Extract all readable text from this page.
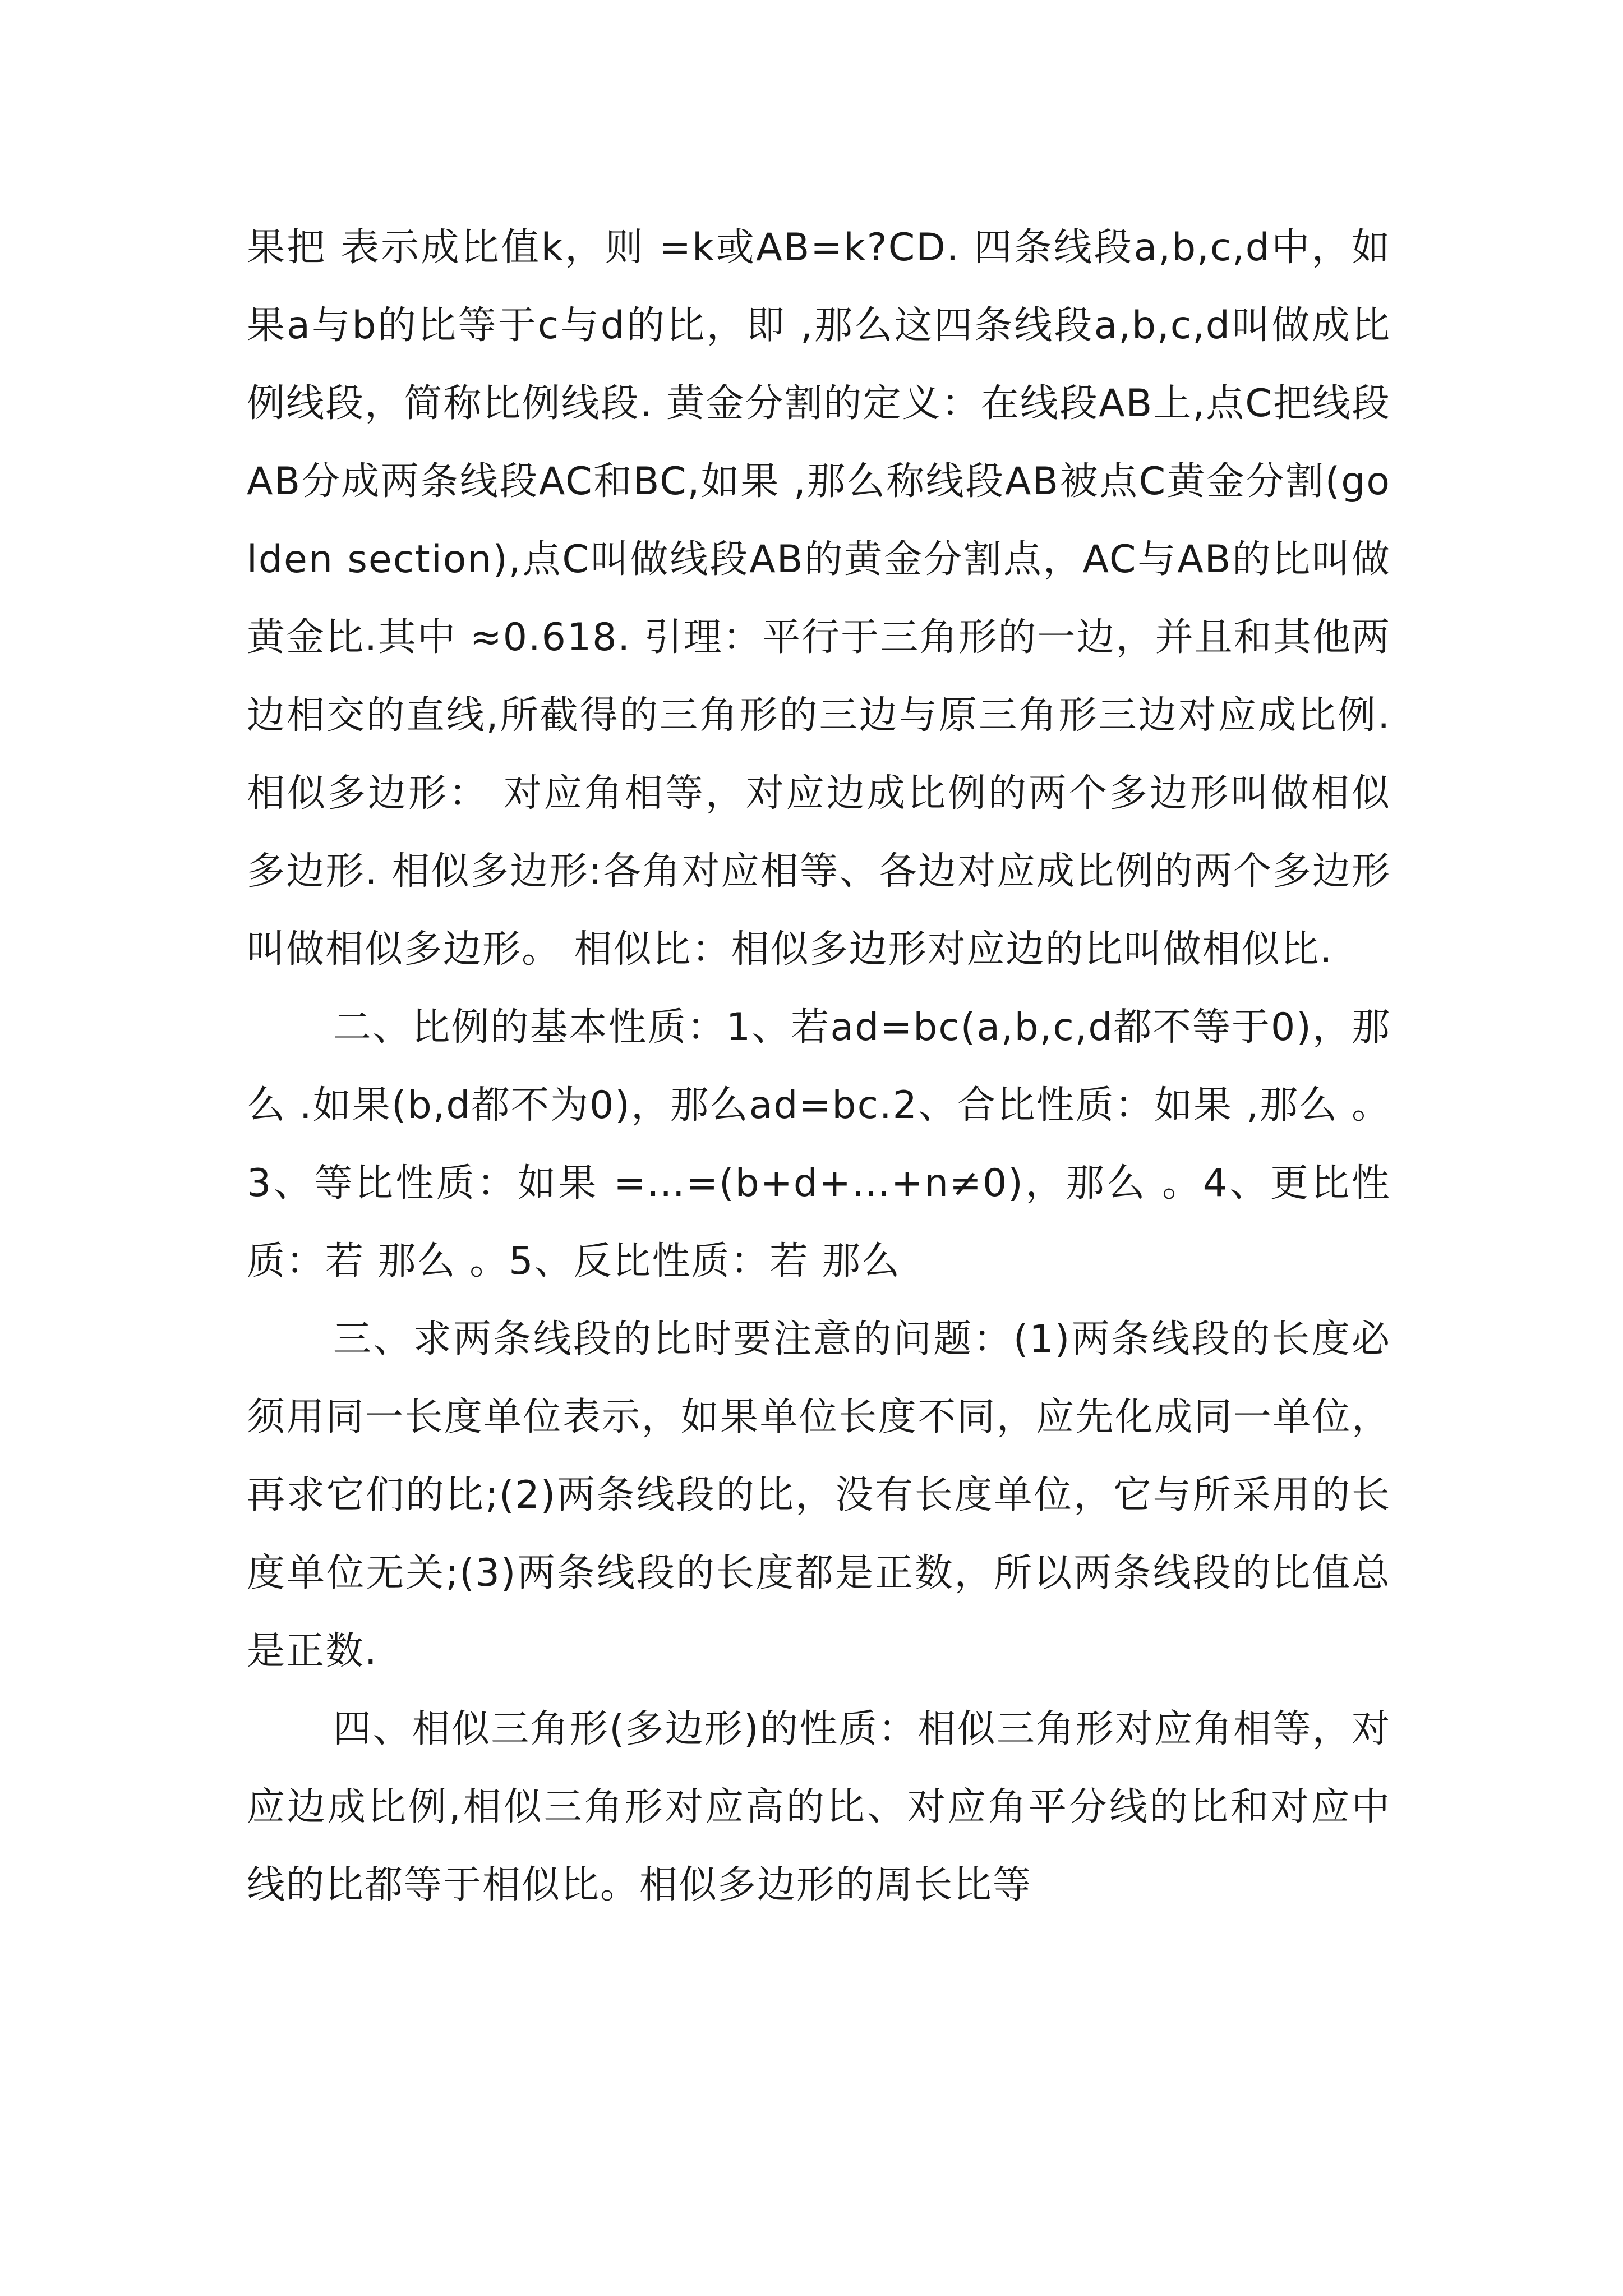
果把 表示成比值k，则 =k或AB=k?CD. 四条线段a,b,c,d中，如果a与b的比等于c与d的比，即 ,那么这四条线段a,b,c,d叫做成比例线段，简称比例线段. 黄金分割的定义：在线段AB上,点C把线段AB分成两条线段AC和BC,如果 ,那么称线段AB被点C黄金分割(golden section),点C叫做线段AB的黄金分割点，AC与AB的比叫做黄金比.其中 ≈0.618. 引理：平行于三角形的一边，并且和其他两边相交的直线,所截得的三角形的三边与原三角形三边对应成比例. 相似多边形： 对应角相等，对应边成比例的两个多边形叫做相似多边形. 相似多边形:各角对应相等、各边对应成比例的两个多边形叫做相似多边形。 相似比：相似多边形对应边的比叫做相似比.

二、比例的基本性质：1、若ad=bc(a,b,c,d都不等于0)，那么 .如果(b,d都不为0)，那么ad=bc.2、合比性质：如果 ,那么 。3、等比性质：如果 =…=(b+d+…+n≠0)，那么 。4、更比性质：若 那么 。5、反比性质：若 那么

三、求两条线段的比时要注意的问题：(1)两条线段的长度必须用同一长度单位表示，如果单位长度不同，应先化成同一单位，再求它们的比;(2)两条线段的比，没有长度单位，它与所采用的长度单位无关;(3)两条线段的长度都是正数，所以两条线段的比值总是正数.

四、相似三角形(多边形)的性质：相似三角形对应角相等，对应边成比例,相似三角形对应高的比、对应角平分线的比和对应中线的比都等于相似比。相似多边形的周长比等
